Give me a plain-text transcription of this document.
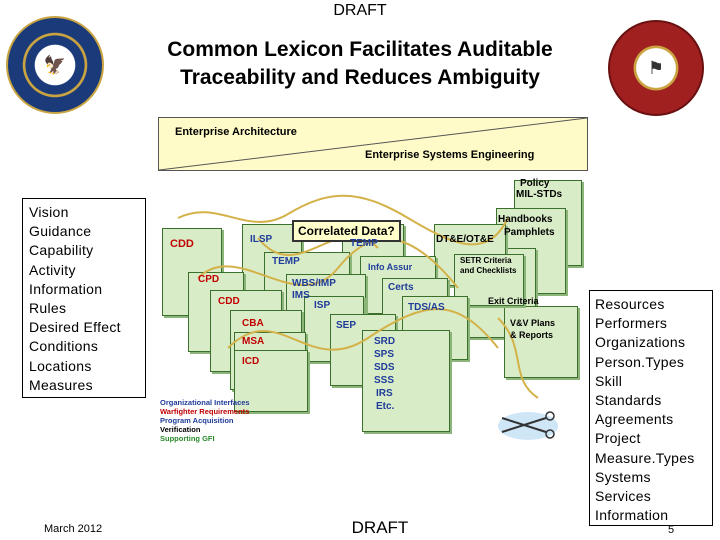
DRAFT
🦅	⚑
Common Lexicon Facilitates Auditable
Traceability and Reduces Ambiguity
Enterprise Architecture
Enterprise Systems Engineering
Correlated Data?
Policy
MIL-STDs
Handbooks
Pamphlets
CDD	ILSP	TEMP	DT&E/OT&E
TEMP	Info Assur
SETR Criteria
and Checklists
CPD	WBS/IMP
IMS
Certs
Exit Criteria
CDD	ISP	TDS/AS
V&V Plans
& Reports
CBA	SEP
MSA
ICD
SRD
SPS
SDS
SSS
IRS
Etc.
Organizational Interfaces
Warfighter Requirements
Program Acquisition
Verification
Supporting GFI
Vision
Guidance
Capability
Activity
Information
Rules
Desired Effect
Conditions
Locations
Measures
Resources
Performers
Organizations
Person.Types
Skill
Standards
Agreements
Project
Measure.Types
Systems
Services
Information
March 2012	DRAFT	5
